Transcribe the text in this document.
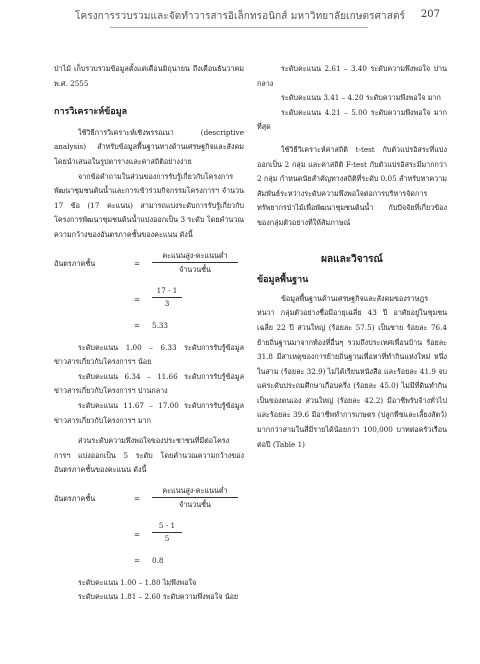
โครงการรวบรวมและจัดทำวารสารอิเล็กทรอนิกส์ มหาวิทยาลัยเกษตรศาสตร์	207

ป่าไม้ เก็บรวบรวมข้อมูลตั้งแต่เดือนมิถุนายน ถึงเดือนธันวาคม พ.ศ. 2555

การวิเคราะห์ข้อมูล

ใช้วิธีการวิเคราะห์เชิงพรรณนา (descriptive analysis) สำหรับข้อมูลพื้นฐานทางด้านเศรษฐกิจและสังคม โดยนำเสนอในรูปตารางและค่าสถิติอย่างง่าย

จากข้อคำถามในส่วนของการรับรู้เกี่ยวกับโครงการพัฒนาชุมชนต้นน้ำและการเข้าร่วมกิจกรรมโครงการฯ จำนวน 17 ข้อ (17 คะแนน) สามารถแบ่งระดับการรับรู้เกี่ยวกับโครงการพัฒนาชุมชนต้นน้ำแบ่งออกเป็น 3 ระดับ โดยคำนวณความกว้างของอันตรภาคชั้นของคะแนน ดังนี้

อันตรภาคชั้น	=
คะแนนสูง-คะแนนต่ำ
จำนวนชั้น
= $\frac{17 - 1}{3}$
= 5.33

ระดับคะแนน 1.00 – 6.33 ระดับการรับรู้ข้อมูลข่าวสารเกี่ยวกับโครงการฯ น้อย

ระดับคะแนน 6.34 – 11.66 ระดับการรับรู้ข้อมูลข่าวสารเกี่ยวกับโครงการฯ ปานกลาง

ระดับคะแนน 11.67 – 17.00 ระดับการรับรู้ข้อมูลข่าวสารเกี่ยวกับโครงการฯ มาก

ส่วนระดับความพึงพอใจของประชาชนที่มีต่อโครงการฯ แบ่งออกเป็น 5 ระดับ โดยคำนวณความกว้างของอันตรภาคชั้นของคะแนน ดังนี้

อันตรภาคชั้น	=
คะแนนสูง-คะแนนต่ำ
จำนวนชั้น
= $\frac{5 - 1}{5}$
= 0.8

ระดับคะแนน 1.00 – 1.80 ไม่พึงพอใจ

ระดับคะแนน 1.81 – 2.60 ระดับความพึงพอใจ น้อย

ระดับคะแนน 2.61 – 3.40 ระดับความพึงพอใจ ปานกลาง

ระดับคะแนน 3.41 – 4.20 ระดับความพึงพอใจ มาก

ระดับคะแนน 4.21 – 5.00 ระดับความพึงพอใจ มากที่สุด

ใช้วิธีวิเคราะห์ค่าสถิติ t-test กับตัวแปรอิสระที่แบ่งออกเป็น 2 กลุ่ม และค่าสถิติ F-test กับตัวแปรอิสระมีมากกว่า 2 กลุ่ม กำหนดนัยสำคัญทางสถิติที่ระดับ 0.05 สำหรับหาความสัมพันธ์ระหว่างระดับความพึงพอใจต่อการบริหารจัดการทรัพยากรป่าไม้เพื่อพัฒนาชุมชนต้นน้ำ กับปัจจัยที่เกี่ยวข้องของกลุ่มตัวอย่างที่ให้สัมภาษณ์

ผลและวิจารณ์
ข้อมูลพื้นฐาน

ข้อมูลพื้นฐานด้านเศรษฐกิจและสังคมของราษฎร หนวา กลุ่มตัวอย่างชื่อมีอายุเฉลี่ย 43 ปี อาศัยอยู่ในชุมชนเฉลี่ย 22 ปี ส่วนใหญ่ (ร้อยละ 57.5) เป็นชาย ร้อยละ 76.4 ย้ายถิ่นฐานมาจากท้องที่อื่นๆ รวมถึงประเทศเพื่อนบ้าน ร้อยละ 31.8 มีสาเหตุของการย้ายถิ่นฐานเพื่อหาที่ทำกินแห่งใหม่ หนึ่งในสาม (ร้อยละ 32.9) ไม่ได้เรียนหนังสือ และร้อยละ 41.9 จบแค่ระดับประถมศึกษาเกือบครึ่ง (ร้อยละ 45.0) ไม่มีที่ดินทำกินเป็นของตนเอง ส่วนใหญ่ (ร้อยละ 42.2) มีอาชีพรับจ้างทั่วไป และร้อยละ 39.6 มีอาชีพทำการเกษตร (ปลูกพืชและเลี้ยงสัตว์) มากกว่าสามในสี่มีรายได้น้อยกว่า 100,000 บาทต่อครัวเรือนต่อปี (Table 1)
